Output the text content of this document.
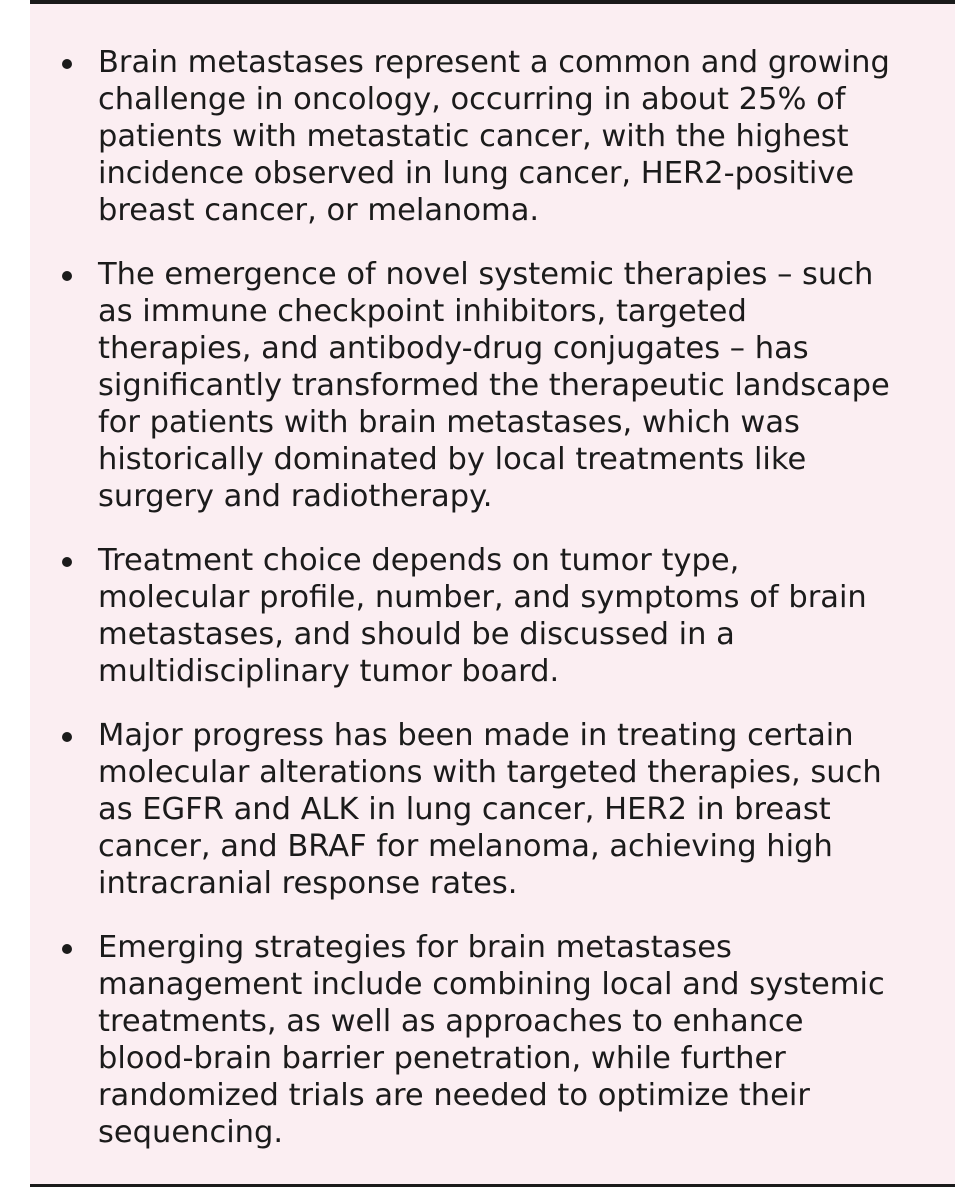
Brain metastases represent a common and growing challenge in oncology, occurring in about 25% of patients with metastatic cancer, with the highest incidence observed in lung cancer, HER2-positive breast cancer, or melanoma.
The emergence of novel systemic therapies – such as immune checkpoint inhibitors, targeted therapies, and antibody-drug conjugates – has significantly transformed the therapeutic landscape for patients with brain metastases, which was historically dominated by local treatments like surgery and radiotherapy.
Treatment choice depends on tumor type, molecular profile, number, and symptoms of brain metastases, and should be discussed in a multidisciplinary tumor board.
Major progress has been made in treating certain molecular alterations with targeted therapies, such as EGFR and ALK in lung cancer, HER2 in breast cancer, and BRAF for melanoma, achieving high intracranial response rates.
Emerging strategies for brain metastases management include combining local and systemic treatments, as well as approaches to enhance blood-brain barrier penetration, while further randomized trials are needed to optimize their sequencing.
